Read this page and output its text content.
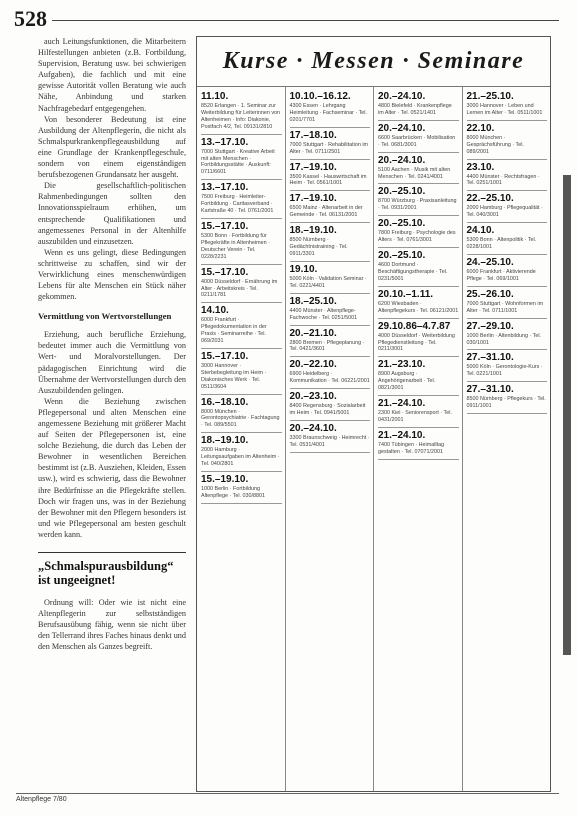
528

auch Leitungsfunktionen, die Mitarbeitern Hilfestellungen anbieten (z.B. Fortbildung, Supervision, Beratung usw. bei schwierigen Aufgaben), die fachlich und mit eine gewisse Autorität vollen Beratung wie auch Nähe, Anbindung und starken Nachfragebedarf entgegengehen.

Von besonderer Bedeutung ist eine Ausbildung der Altenpflegerin, die nicht als Schmalspurkrankenpflegeausbildung auf eine Grundlage der Krankenpflegeschule, sondern von einem eigenständigen berufsbezogenen Grundansatz her ausgeht.

Die gesellschaftlich-politischen Rahmenbedingungen sollten den Innovationsspielraum erhöhen, um entsprechende Qualifikationen und angemessenes Personal in der Altenhilfe auszubilden und einzusetzen.

Wenn es uns gelingt, diese Bedingungen schrittweise zu schaffen, sind wir der Verwirklichung eines menschenwürdigen Lebens für alte Menschen ein Stück näher gekommen.

Vermittlung von Wertvorstellungen

Erziehung, auch berufliche Erziehung, bedeutet immer auch die Vermittlung von Wert- und Moralvorstellungen. Der pädagogischen Einrichtung wird die Übernahme der Wertvorstellungen durch den Auszubildenden gelingen.

Wenn die Beziehung zwischen Pflegepersonal und alten Menschen eine angemessene Beziehung mit größerer Macht auf Seiten der Pflegepersonen ist, eine solche Beziehung, die durch das Leben der Bewohner in wesentlichen Bereichen bestimmt ist (z.B. Ausziehen, Kleiden, Essen usw.), wird es schwierig, dass die Bewohner ihre Bedürfnisse an die Pflegekräfte stellen. Doch wir fragen uns, was in der Beziehung der Bewohner mit den Pflegern besonders ist und wie Pflegepersonal am besten geschult werden kann.

„Schmalspurausbildung“ ist ungeeignet!

Ordnung will: Oder wie ist nicht eine Altenpflegerin zur selbstständigen Berufsausübung fähig, wenn sie nicht über den Tellerrand ihres Faches hinaus denkt und den Menschen als Ganzes begreift.

Kurse · Messen · Seminare
11.10.
8520 Erlangen · 1. Seminar zur Weiterbildung für Leiterinnen von Altenheimen · Info: Diakonie, Postfach 4/2, Tel. 09131/2810
13.–17.10.
7000 Stuttgart · Kreative Arbeit mit alten Menschen · Fortbildungsstätte · Auskunft: 0711/6601
13.–17.10.
7500 Freiburg · Heimleiter-Fortbildung · Caritasverband · Karlstraße 40 · Tel. 0761/2001
15.–17.10.
5300 Bonn · Fortbildung für Pflegekräfte in Altenheimen · Deutscher Verein · Tel. 0228/2231
15.–17.10.
4000 Düsseldorf · Ernährung im Alter · Arbeitskreis · Tel. 0211/1781
14.10.
6000 Frankfurt · Pflegedokumentation in der Praxis · Seminarreihe · Tel. 069/2031
15.–17.10.
3000 Hannover · Sterbebegleitung im Heim · Diakonisches Werk · Tel. 0511/3604
16.–18.10.
8000 München · Gerontopsychiatrie · Fachtagung · Tel. 089/5501
18.–19.10.
2000 Hamburg · Leitungsaufgaben im Altenheim · Tel. 040/2801
15.–19.10.
1000 Berlin · Fortbildung Altenpflege · Tel. 030/8801
10.10.–16.12.
4300 Essen · Lehrgang Heimleitung · Fachseminar · Tel. 0201/7701
17.–18.10.
7000 Stuttgart · Rehabilitation im Alter · Tel. 0711/2501
17.–19.10.
3500 Kassel · Hauswirtschaft im Heim · Tel. 0561/1001
17.–19.10.
6500 Mainz · Altenarbeit in der Gemeinde · Tel. 06131/2001
18.–19.10.
8500 Nürnberg · Gedächtnistraining · Tel. 0911/3301
19.10.
5000 Köln · Validation Seminar · Tel. 0221/4401
18.–25.10.
4400 Münster · Altenpflege-Fachwoche · Tel. 0251/5001
20.–21.10.
2800 Bremen · Pflegeplanung · Tel. 0421/3601
20.–22.10.
6900 Heidelberg · Kommunikation · Tel. 06221/2001
20.–23.10.
8400 Regensburg · Sozialarbeit im Heim · Tel. 0941/5001
20.–24.10.
3300 Braunschweig · Heimrecht · Tel. 0531/4001
20.–24.10.
4800 Bielefeld · Krankenpflege im Alter · Tel. 0521/1401
20.–24.10.
6600 Saarbrücken · Mobilisation · Tel. 0681/3001
20.–24.10.
5100 Aachen · Musik mit alten Menschen · Tel. 0241/4001
20.–25.10.
8700 Würzburg · Praxisanleitung · Tel. 0931/2001
20.–25.10.
7800 Freiburg · Psychologie des Alters · Tel. 0761/3001
20.–25.10.
4600 Dortmund · Beschäftigungstherapie · Tel. 0231/5001
20.10.–1.11.
6200 Wiesbaden · Altenpflegekurs · Tel. 06121/2001
29.10.86–4.7.87
4000 Düsseldorf · Weiterbildung Pflegedienstleitung · Tel. 0211/3001
21.–23.10.
8900 Augsburg · Angehörigenarbeit · Tel. 0821/3001
21.–24.10.
2300 Kiel · Seniorensport · Tel. 0431/2001
21.–24.10.
7400 Tübingen · Heimalltag gestalten · Tel. 07071/2001
21.–25.10.
3000 Hannover · Leben und Lernen im Alter · Tel. 0511/1001
22.10.
8000 München · Gesprächsführung · Tel. 089/2001
23.10.
4400 Münster · Rechtsfragen · Tel. 0251/1001
22.–25.10.
2000 Hamburg · Pflegequalität · Tel. 040/3001
24.10.
5300 Bonn · Altenpolitik · Tel. 0228/1001
24.–25.10.
6000 Frankfurt · Aktivierende Pflege · Tel. 069/1001
25.–26.10.
7000 Stuttgart · Wohnformen im Alter · Tel. 0711/1001
27.–29.10.
1000 Berlin · Altenbildung · Tel. 030/1001
27.–31.10.
5000 Köln · Gerontologie-Kurs · Tel. 0221/1001
27.–31.10.
8500 Nürnberg · Pflegekurs · Tel. 0911/1001
Altenpflege 7/80
